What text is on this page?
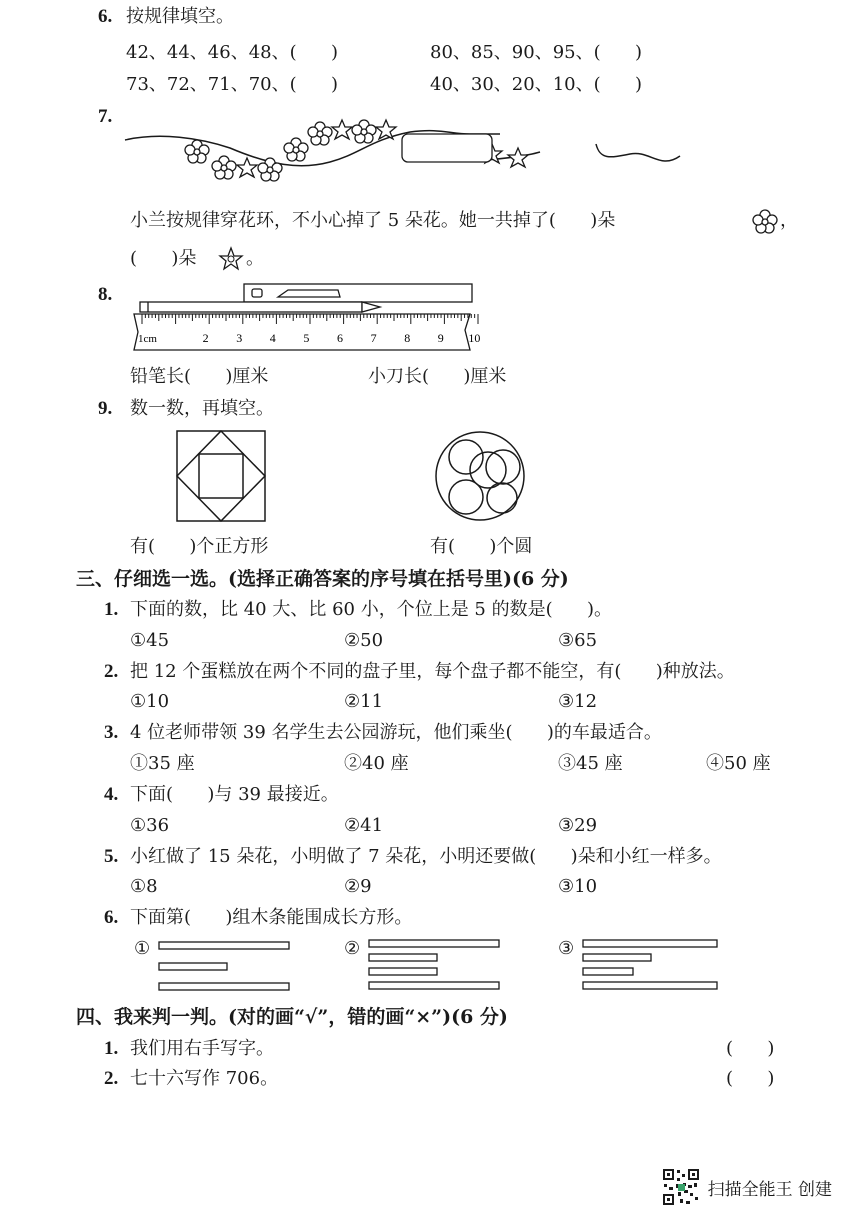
6. 按规律填空。
42、44、46、48、(      )	80、85、90、95、(      )
73、72、71、70、(      )	40、30、20、10、(      )
7.
小兰按规律穿花环，不小心掉了 5 朵花。她一共掉了(      )朵	，
(      )朵	。
8.
1cm	2 3 4 5 6 7 8 9 10
铅笔长(      )厘米	小刀长(      )厘米
9. 数一数，再填空。
有(      )个正方形	有(      )个圆
三、仔细选一选。(选择正确答案的序号填在括号里)(6 分)
1. 下面的数，比 40 大、比 60 小，个位上是 5 的数是(      )。
①45	②50	③65
2. 把 12 个蛋糕放在两个不同的盘子里，每个盘子都不能空，有(      )种放法。
①10	②11	③12
3. 4 位老师带领 39 名学生去公园游玩，他们乘坐(      )的车最适合。
①35 座	②40 座	③45 座	④50 座
4. 下面(      )与 39 最接近。
①36	②41	③29
5. 小红做了 15 朵花，小明做了 7 朵花，小明还要做(      )朵和小红一样多。
①8	②9	③10
6. 下面第(      )组木条能围成长方形。
①	②	③
四、我来判一判。(对的画“√”，错的画“×”)(6 分)
1. 我们用右手写字。	(      )
2. 七十六写作 706。	(      )
扫描全能王 创建
